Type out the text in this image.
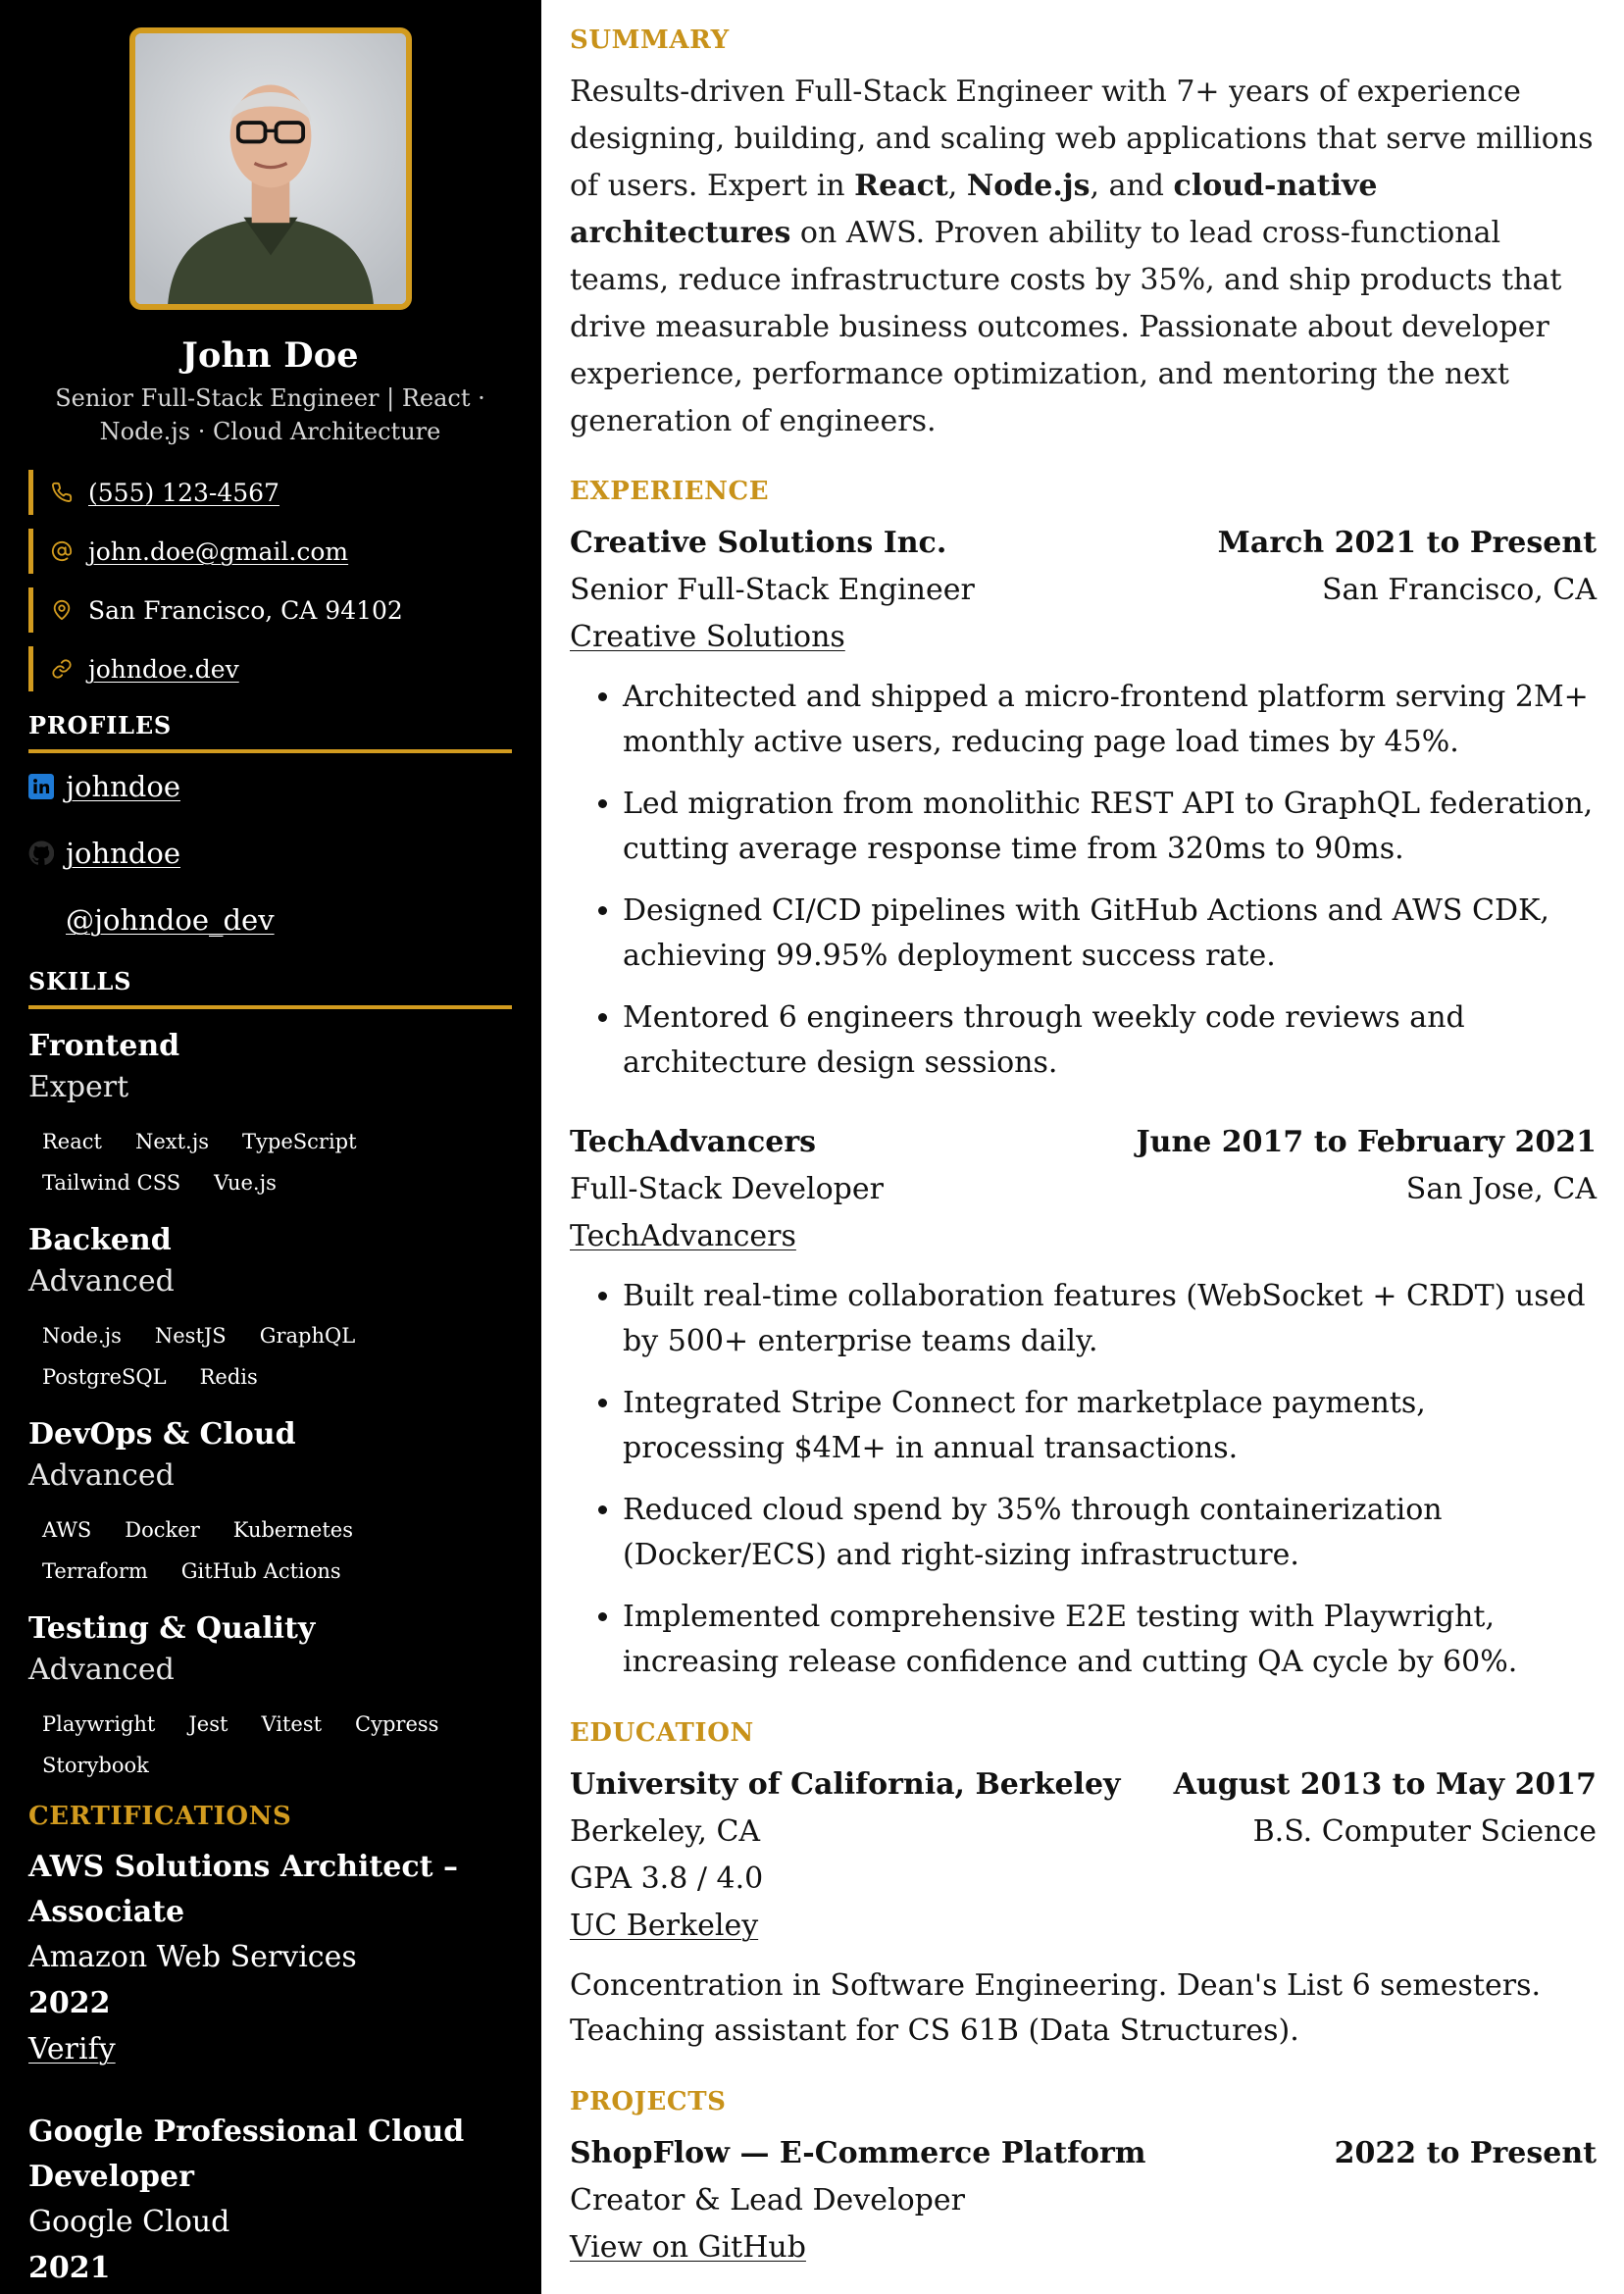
John Doe
Senior Full-Stack Engineer | React · Node.js · Cloud Architecture
(555) 123-4567
john.doe@gmail.com
San Francisco, CA 94102
johndoe.dev
PROFILES
johndoe
johndoe
@johndoe_dev
SKILLS
Frontend
Expert
React Next.js TypeScript
Tailwind CSS Vue.js
Backend
Advanced
Node.js NestJS GraphQL
PostgreSQL Redis
DevOps & Cloud
Advanced
AWS Docker Kubernetes
Terraform GitHub Actions
Testing & Quality
Advanced
Playwright Jest Vitest Cypress
Storybook
CERTIFICATIONS
AWS Solutions Architect – Associate
Amazon Web Services
2022
Verify
Google Professional Cloud Developer
Google Cloud
2021
SUMMARY

Results-driven Full-Stack Engineer with 7+ years of experience designing, building, and scaling web applications that serve millions of users. Expert in React, Node.js, and cloud-native architectures on AWS. Proven ability to lead cross-functional teams, reduce infrastructure costs by 35%, and ship products that drive measurable business outcomes. Passionate about developer experience, performance optimization, and mentoring the next generation of engineers.

EXPERIENCE
Creative Solutions Inc.	March 2021 to Present
Senior Full-Stack Engineer	San Francisco, CA
Creative Solutions
• Architected and shipped a micro-frontend platform serving 2M+ monthly active users, reducing page load times by 45%.
• Led migration from monolithic REST API to GraphQL federation, cutting average response time from 320ms to 90ms.
• Designed CI/CD pipelines with GitHub Actions and AWS CDK, achieving 99.95% deployment success rate.
• Mentored 6 engineers through weekly code reviews and architecture design sessions.
TechAdvancers	June 2017 to February 2021
Full-Stack Developer	San Jose, CA
TechAdvancers
• Built real-time collaboration features (WebSocket + CRDT) used by 500+ enterprise teams daily.
• Integrated Stripe Connect for marketplace payments, processing $4M+ in annual transactions.
• Reduced cloud spend by 35% through containerization (Docker/ECS) and right-sizing infrastructure.
• Implemented comprehensive E2E testing with Playwright, increasing release confidence and cutting QA cycle by 60%.
EDUCATION
University of California, Berkeley August 2013 to May 2017
Berkeley, CA	B.S. Computer Science
GPA 3.8 / 4.0
UC Berkeley
Concentration in Software Engineering. Dean's List 6 semesters. Teaching assistant for CS 61B (Data Structures).
PROJECTS
ShopFlow — E-Commerce Platform	2022 to Present
Creator & Lead Developer
View on GitHub
